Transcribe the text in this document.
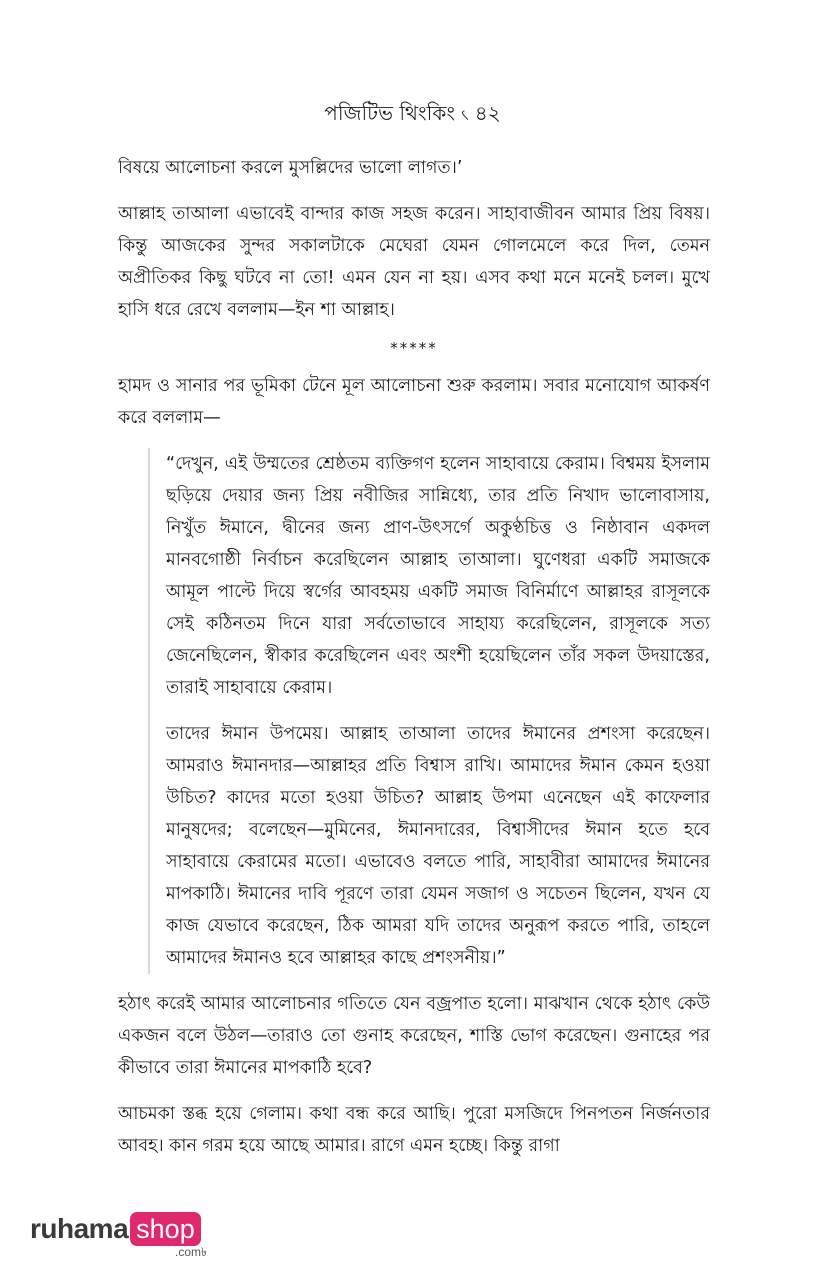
পজিটিভ থিংকিং ৻ ৪২

বিষয়ে আলোচনা করলে মুসল্লিদের ভালো লাগত।’

আল্লাহ তাআলা এভাবেই বান্দার কাজ সহজ করেন। সাহাবাজীবন আমার প্রিয় বিষয়। কিন্তু আজকের সুন্দর সকালটাকে মেঘেরা যেমন গোলমেলে করে দিল, তেমন অপ্রীতিকর কিছু ঘটবে না তো! এমন যেন না হয়। এসব কথা মনে মনেই চলল। মুখে হাসি ধরে রেখে বললাম—ইন শা আল্লাহ।

*****

হামদ ও সানার পর ভূমিকা টেনে মূল আলোচনা শুরু করলাম। সবার মনোযোগ আকর্ষণ করে বললাম—

“দেখুন, এই উম্মতের শ্রেষ্ঠতম ব্যক্তিগণ হলেন সাহাবায়ে কেরাম। বিশ্বময় ইসলাম ছড়িয়ে দেয়ার জন্য প্রিয় নবীজির সান্নিধ্যে, তার প্রতি নিখাদ ভালোবাসায়, নিখুঁত ঈমানে, দ্বীনের জন্য প্রাণ-উৎসর্গে অকুণ্ঠচিত্ত ও নিষ্ঠাবান একদল মানবগোষ্ঠী নির্বাচন করেছিলেন আল্লাহ তাআলা। ঘুণেধরা একটি সমাজকে আমূল পাল্টে দিয়ে স্বর্গের আবহময় একটি সমাজ বিনির্মাণে আল্লাহর রাসূলকে সেই কঠিনতম দিনে যারা সর্বতোভাবে সাহায্য করেছিলেন, রাসূলকে সত্য জেনেছিলেন, স্বীকার করেছিলেন এবং অংশী হয়েছিলেন তাঁর সকল উদয়াস্তের, তারাই সাহাবায়ে কেরাম।

তাদের ঈমান উপমেয়। আল্লাহ তাআলা তাদের ঈমানের প্রশংসা করেছেন। আমরাও ঈমানদার—আল্লাহর প্রতি বিশ্বাস রাখি। আমাদের ঈমান কেমন হওয়া উচিত? কাদের মতো হওয়া উচিত? আল্লাহ উপমা এনেছেন এই কাফেলার মানুষদের; বলেছেন—মুমিনের, ঈমানদারের, বিশ্বাসীদের ঈমান হতে হবে সাহাবায়ে কেরামের মতো। এভাবেও বলতে পারি, সাহাবীরা আমাদের ঈমানের মাপকাঠি। ঈমানের দাবি পূরণে তারা যেমন সজাগ ও সচেতন ছিলেন, যখন যে কাজ যেভাবে করেছেন, ঠিক আমরা যদি তাদের অনুরূপ করতে পারি, তাহলে আমাদের ঈমানও হবে আল্লাহর কাছে প্রশংসনীয়।”

হঠাৎ করেই আমার আলোচনার গতিতে যেন বজ্রপাত হলো। মাঝখান থেকে হঠাৎ কেউ একজন বলে উঠল—তারাও তো গুনাহ করেছেন, শাস্তি ভোগ করেছেন। গুনাহের পর কীভাবে তারা ঈমানের মাপকাঠি হবে?

আচমকা স্তব্ধ হয়ে গেলাম। কথা বন্ধ করে আছি। পুরো মসজিদে পিনপতন নির্জনতার আবহ। কান গরম হয়ে আছে আমার। রাগে এমন হচ্ছে। কিন্তু রাগা

ruhama shop
.com৳
